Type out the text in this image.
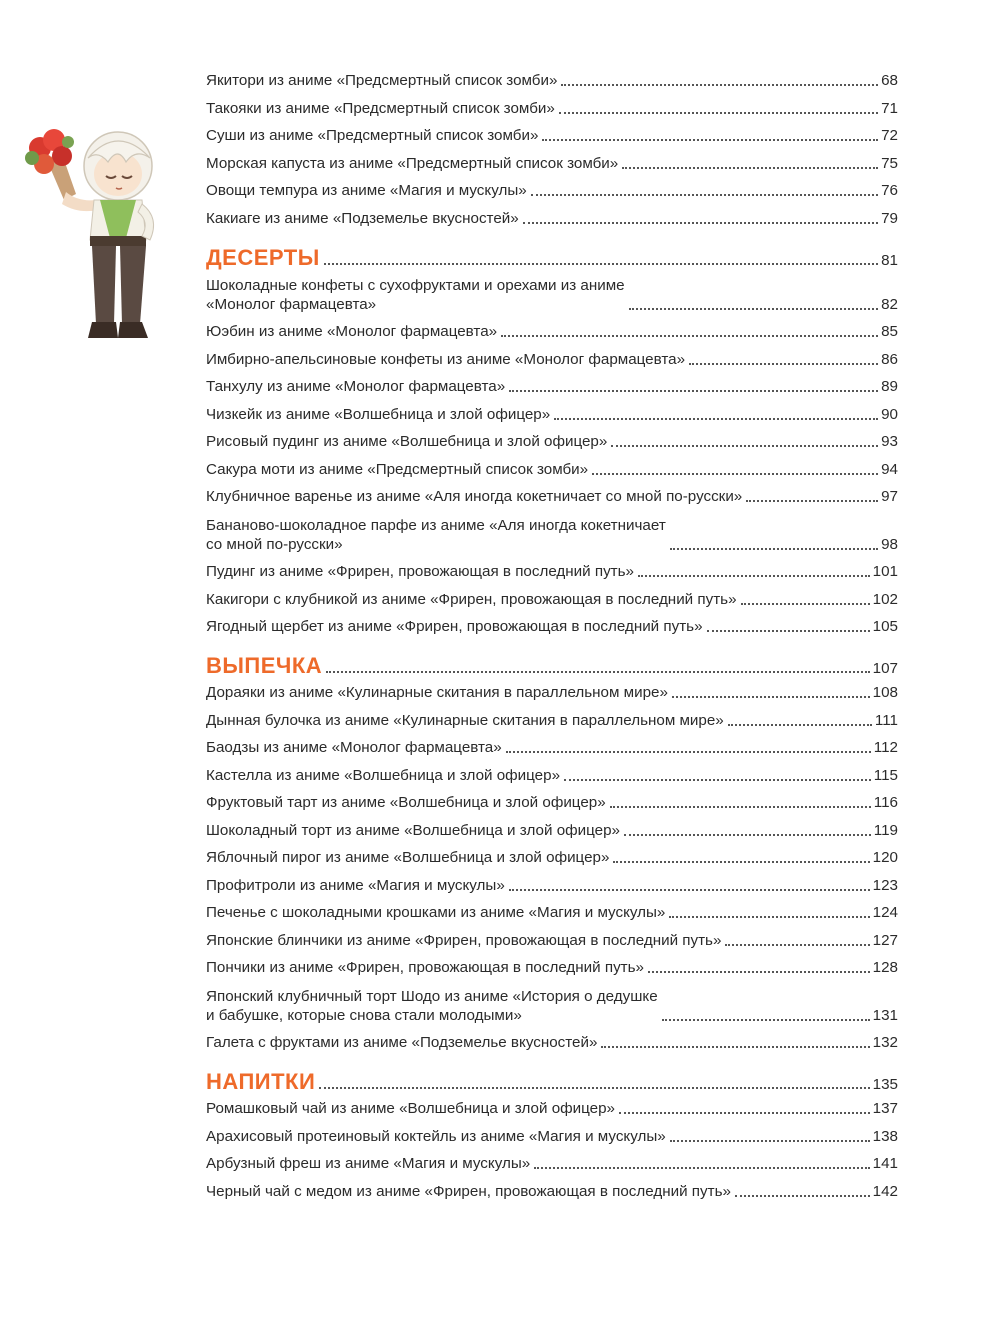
Якитори из аниме «Предсмертный список зомби»	68
Такояки из аниме «Предсмертный список зомби»	71
Суши из аниме «Предсмертный список зомби»	72
Морская капуста из аниме «Предсмертный список зомби»	75
Овощи темпура из аниме «Магия и мускулы»	76
Какиаге из аниме «Подземелье вкусностей»	79
ДЕСЕРТЫ	81
Шоколадные конфеты с сухофруктами и орехами из аниме
«Монолог фармацевта»	82
Юэбин из аниме «Монолог фармацевта»	85
Имбирно-апельсиновые конфеты из аниме «Монолог фармацевта»	86
Танхулу из аниме «Монолог фармацевта»	89
Чизкейк из аниме «Волшебница и злой офицер»	90
Рисовый пудинг из аниме «Волшебница и злой офицер»	93
Сакура моти из аниме «Предсмертный список зомби»	94
Клубничное варенье из аниме «Аля иногда кокетничает со мной по-русски»	97
Бананово-шоколадное парфе из аниме «Аля иногда кокетничает
со мной по-русски»	98
Пудинг из аниме «Фрирен, провожающая в последний путь»	101
Какигори с клубникой из аниме «Фрирен, провожающая в последний путь»	102
Ягодный щербет из аниме «Фрирен, провожающая в последний путь»	105
ВЫПЕЧКА	107
Дораяки из аниме «Кулинарные скитания в параллельном мире»	108
Дынная булочка из аниме «Кулинарные скитания в параллельном мире»	111
Баодзы из аниме «Монолог фармацевта»	112
Кастелла из аниме «Волшебница и злой офицер»	115
Фруктовый тарт из аниме «Волшебница и злой офицер»	116
Шоколадный торт из аниме «Волшебница и злой офицер»	119
Яблочный пирог из аниме «Волшебница и злой офицер»	120
Профитроли из аниме «Магия и мускулы»	123
Печенье с шоколадными крошками из аниме «Магия и мускулы»	124
Японские блинчики из аниме «Фрирен, провожающая в последний путь»	127
Пончики из аниме «Фрирен, провожающая в последний путь»	128
Японский клубничный торт Шодо из аниме «История о дедушке
и бабушке, которые снова стали молодыми»	131
Галета с фруктами из аниме «Подземелье вкусностей»	132
НАПИТКИ	135
Ромашковый чай из аниме «Волшебница и злой офицер»	137
Арахисовый протеиновый коктейль из аниме «Магия и мускулы»	138
Арбузный фреш из аниме «Магия и мускулы»	141
Черный чай с медом из аниме «Фрирен, провожающая в последний путь»	142
